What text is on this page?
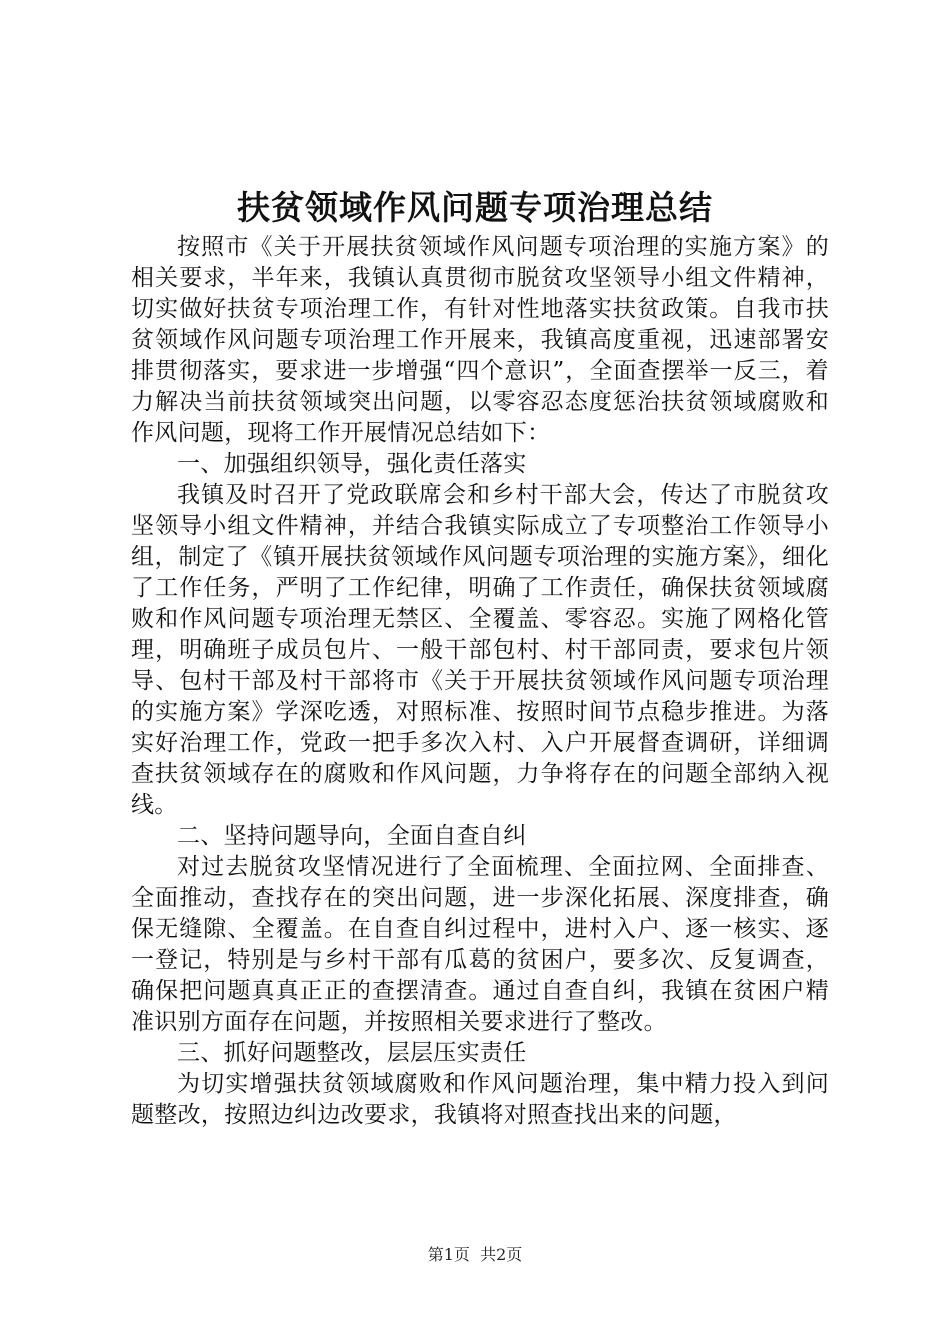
扶贫领域作风问题专项治理总结

按照市《关于开展扶贫领域作风问题专项治理的实施方案》的相关要求，半年来，我镇认真贯彻市脱贫攻坚领导小组文件精神，切实做好扶贫专项治理工作，有针对性地落实扶贫政策。自我市扶贫领域作风问题专项治理工作开展来，我镇高度重视，迅速部署安排贯彻落实，要求进一步增强“四个意识”，全面查摆举一反三，着力解决当前扶贫领域突出问题，以零容忍态度惩治扶贫领域腐败和作风问题，现将工作开展情况总结如下：

一、加强组织领导，强化责任落实

我镇及时召开了党政联席会和乡村干部大会，传达了市脱贫攻坚领导小组文件精神，并结合我镇实际成立了专项整治工作领导小组，制定了《镇开展扶贫领域作风问题专项治理的实施方案》，细化了工作任务，严明了工作纪律，明确了工作责任，确保扶贫领域腐败和作风问题专项治理无禁区、全覆盖、零容忍。实施了网格化管理，明确班子成员包片、一般干部包村、村干部同责，要求包片领导、包村干部及村干部将市《关于开展扶贫领域作风问题专项治理的实施方案》学深吃透，对照标准、按照时间节点稳步推进。为落实好治理工作，党政一把手多次入村、入户开展督查调研，详细调查扶贫领域存在的腐败和作风问题，力争将存在的问题全部纳入视线。

二、坚持问题导向，全面自查自纠

对过去脱贫攻坚情况进行了全面梳理、全面拉网、全面排查、全面推动，查找存在的突出问题，进一步深化拓展、深度排查，确保无缝隙、全覆盖。在自查自纠过程中，进村入户、逐一核实、逐一登记，特别是与乡村干部有瓜葛的贫困户，要多次、反复调查，确保把问题真真正正的查摆清查。通过自查自纠，我镇在贫困户精准识别方面存在问题，并按照相关要求进行了整改。

三、抓好问题整改，层层压实责任

为切实增强扶贫领域腐败和作风问题治理，集中精力投入到问题整改，按照边纠边改要求，我镇将对照查找出来的问题，

第1页  共2页
